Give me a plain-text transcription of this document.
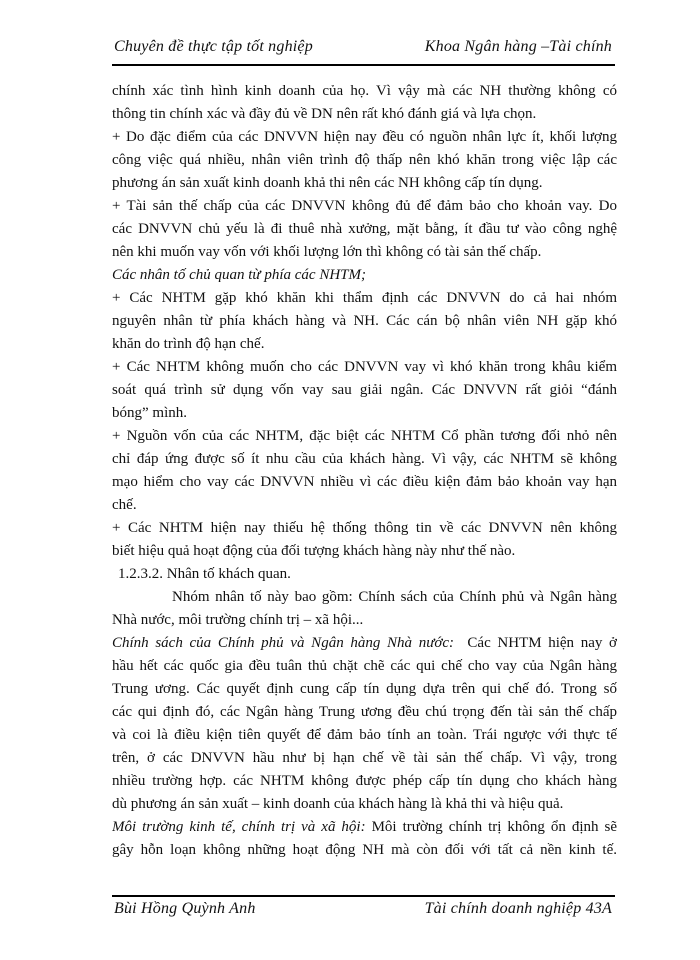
Chuyên đề thực tập tốt nghiệp	Khoa Ngân hàng –Tài chính
chính xác tình hình kinh doanh của họ. Vì vậy mà các NH thường không có
thông tin chính xác và đầy đủ về DN nên rất khó đánh giá và lựa chọn.
+ Do đặc điểm của các DNVVN hiện nay đều có nguồn nhân lực ít, khối lượng
công việc quá nhiều, nhân viên trình độ thấp nên khó khăn trong việc lập các
phương án sản xuất kinh doanh khả thi nên các NH không cấp tín dụng.
+ Tài sản thế chấp của các DNVVN không đủ để đảm bảo cho khoản vay. Do
các DNVVN chủ yếu là đi thuê nhà xưởng, mặt bằng, ít đầu tư vào công nghệ
nên khi muốn vay vốn với khối lượng lớn thì không có tài sản thế chấp.
Các nhân tố chủ quan từ phía các NHTM;
+ Các NHTM gặp khó khăn khi thẩm định các DNVVN do cả hai nhóm
nguyên nhân từ phía khách hàng và NH. Các cán bộ nhân viên NH gặp khó
khăn do trình độ hạn chế.
+ Các NHTM không muốn cho các DNVVN vay vì khó khăn trong khâu kiểm
soát quá trình sử dụng vốn vay sau giải ngân. Các DNVVN rất giỏi “đánh
bóng” mình.
+ Nguồn vốn của các NHTM, đặc biệt các NHTM Cổ phần tương đối nhỏ nên
chỉ đáp ứng được số ít nhu cầu của khách hàng. Vì vậy, các NHTM sẽ không
mạo hiểm cho vay các DNVVN nhiều vì các điều kiện đảm bảo khoản vay hạn
chế.
+ Các NHTM hiện nay thiếu hệ thống thông tin về các DNVVN nên không
biết hiệu quả hoạt động của đối tượng khách hàng này như thế nào.
1.2.3.2. Nhân tố khách quan.
Nhóm nhân tố này bao gồm: Chính sách của Chính phủ và Ngân hàng
Nhà nước, môi trường chính trị – xã hội...
Chính sách của Chính phủ và Ngân hàng Nhà nước: Các NHTM hiện nay ở
hầu hết các quốc gia đều tuân thủ chặt chẽ các qui chế cho vay của Ngân hàng
Trung ương. Các quyết định cung cấp tín dụng dựa trên qui chế đó. Trong số
các qui định đó, các Ngân hàng Trung ương đều chú trọng đến tài sản thế chấp
và coi là điều kiện tiên quyết để đảm bảo tính an toàn. Trái ngược với thực tế
trên, ở các DNVVN hầu như bị hạn chế về tài sản thế chấp. Vì vậy, trong
nhiều trường hợp. các NHTM không được phép cấp tín dụng cho khách hàng
dù phương án sản xuất – kinh doanh của khách hàng là khả thi và hiệu quả.
Môi trường kinh tế, chính trị và xã hội: Môi trường chính trị không ổn định sẽ
gây hỗn loạn không những hoạt động NH mà còn đối với tất cả nền kinh tế.
Bùi Hồng Quỳnh Anh	Tài chính doanh nghiệp 43A
